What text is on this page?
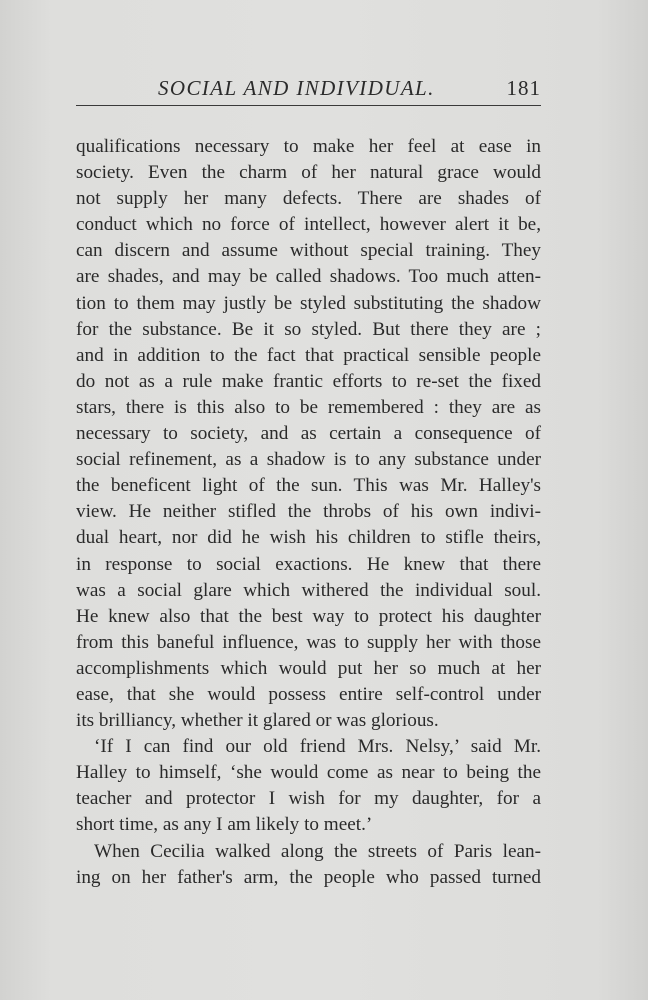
SOCIAL AND INDIVIDUAL.	181
qualifications necessary to make her feel at ease in
society. Even the charm of her natural grace would
not supply her many defects. There are shades of
conduct which no force of intellect, however alert it be,
can discern and assume without special training. They
are shades, and may be called shadows. Too much atten-
tion to them may justly be styled substituting the shadow
for the substance. Be it so styled. But there they are ;
and in addition to the fact that practical sensible people
do not as a rule make frantic efforts to re-set the fixed
stars, there is this also to be remembered : they are as
necessary to society, and as certain a consequence of
social refinement, as a shadow is to any substance under
the beneficent light of the sun. This was Mr. Halley's
view. He neither stifled the throbs of his own indivi-
dual heart, nor did he wish his children to stifle theirs,
in response to social exactions. He knew that there
was a social glare which withered the individual soul.
He knew also that the best way to protect his daughter
from this baneful influence, was to supply her with those
accomplishments which would put her so much at her
ease, that she would possess entire self-control under
its brilliancy, whether it glared or was glorious.
‘If I can find our old friend Mrs. Nelsy,’ said Mr.
Halley to himself, ‘she would come as near to being the
teacher and protector I wish for my daughter, for a
short time, as any I am likely to meet.’
When Cecilia walked along the streets of Paris lean-
ing on her father's arm, the people who passed turned
